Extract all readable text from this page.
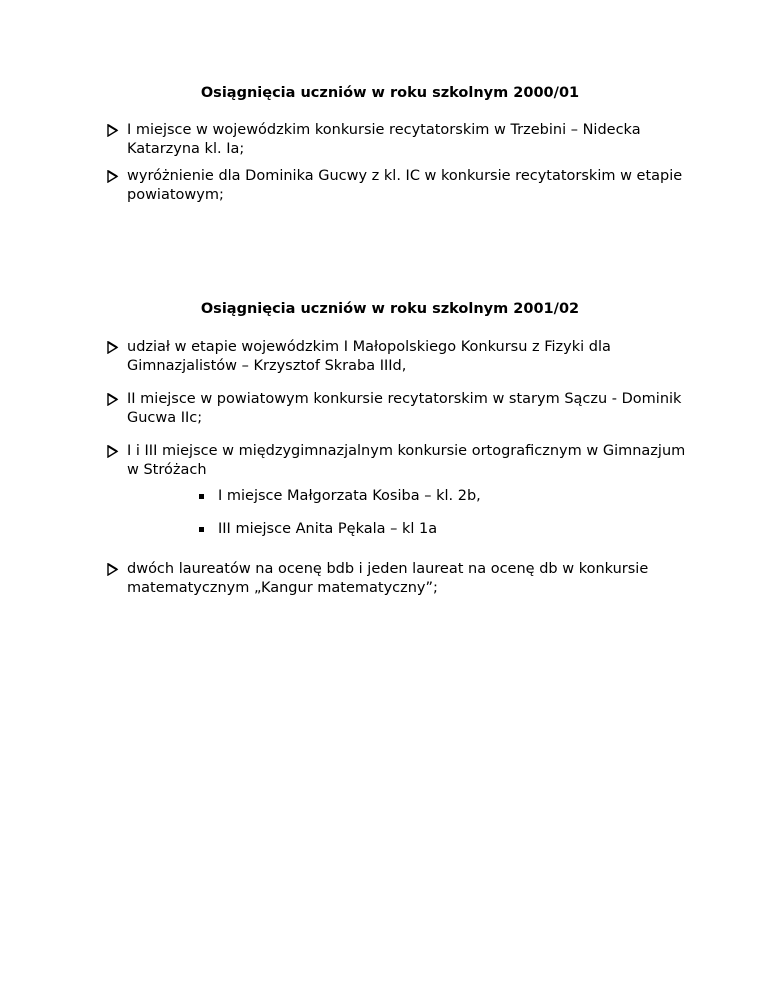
Osiągnięcia uczniów w roku szkolnym 2000/01

I miejsce w wojewódzkim konkursie recytatorskim w Trzebini – Nidecka Katarzyna kl. Ia;
wyróżnienie dla Dominika Gucwy z kl. IC w konkursie recytatorskim w etapie powiatowym;

Osiągnięcia uczniów w roku szkolnym 2001/02

udział w etapie wojewódzkim I Małopolskiego Konkursu z Fizyki dla Gimnazjalistów – Krzysztof Skraba IIId,
II miejsce w powiatowym konkursie recytatorskim w starym Sączu - Dominik Gucwa IIc;
I i III miejsce w międzygimnazjalnym konkursie ortograficznym w Gimnazjum w Stróżach
I miejsce Małgorzata Kosiba – kl. 2b,
III miejsce Anita Pękala – kl 1a
dwóch laureatów na ocenę bdb i jeden laureat na ocenę db w konkursie matematycznym „Kangur matematyczny”;
